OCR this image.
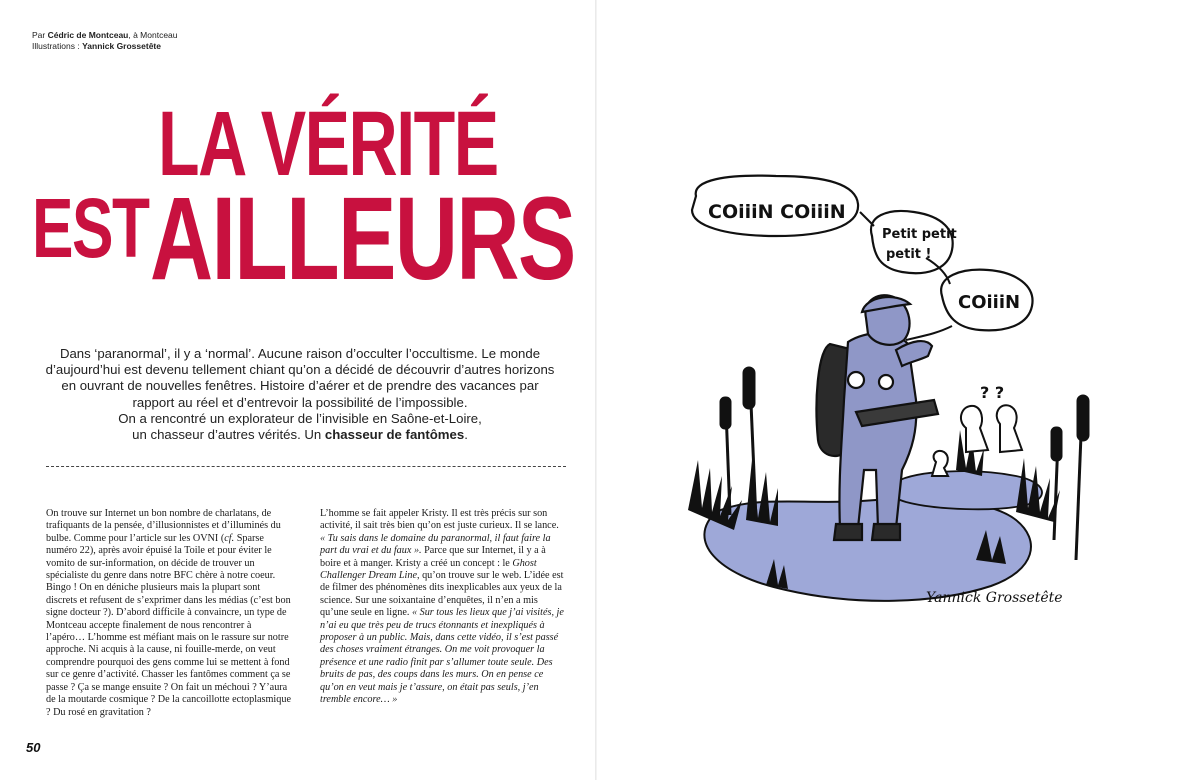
Par Cédric de Montceau, à Montceau
Illustrations : Yannick Grossetête
LA VÉRITÉ
EST AILLEURS
Dans ‘paranormal’, il y a ‘normal’. Aucune raison d’occulter l’occultisme. Le monde d’aujourd’hui est devenu tellement chiant qu’on a décidé de découvrir d’autres horizons en ouvrant de nouvelles fenêtres. Histoire d’aérer et de prendre des vacances par rapport au réel et d’entrevoir la possibilité de l’impossible.
On a rencontré un explorateur de l’invisible en Saône-et-Loire,
un chasseur d’autres vérités. Un chasseur de fantômes.
On trouve sur Internet un bon nombre de charlatans, de trafiquants de la pensée, d’illusionnistes et d’illuminés du bulbe. Comme pour l’article sur les OVNI (cf. Sparse numéro 22), après avoir épuisé la Toile et pour éviter le vomito de sur-information, on décide de trouver un spécialiste du genre dans notre BFC chère à notre coeur. Bingo ! On en déniche plusieurs mais la plupart sont discrets et refusent de s’exprimer dans les médias (c’est bon signe docteur ?). D’abord difficile à convaincre, un type de Montceau accepte finalement de nous rencontrer à l’apéro… L’homme est méfiant mais on le rassure sur notre approche. Ni acquis à la cause, ni fouille-merde, on veut comprendre pourquoi des gens comme lui se mettent à fond sur ce genre d’activité. Chasser les fantômes comment ça se passe ? Ça se mange ensuite ? On fait un méchoui ? Y’aura de la moutarde cosmique ? De la cancoillotte ectoplasmique ? Du rosé en gravitation ?
L’homme se fait appeler Kristy. Il est très précis sur son activité, il sait très bien qu’on est juste curieux. Il se lance. « Tu sais dans le domaine du paranormal, il faut faire la part du vrai et du faux ». Parce que sur Internet, il y a à boire et à manger. Kristy a créé un concept : le Ghost Challenger Dream Line, qu’on trouve sur le web. L’idée est de filmer des phénomènes dits inexplicables aux yeux de la science. Sur une soixantaine d’enquêtes, il n’en a mis qu’une seule en ligne. « Sur tous les lieux que j’ai visités, je n’ai eu que très peu de trucs étonnants et inexpliqués à proposer à un public. Mais, dans cette vidéo, il s’est passé des choses vraiment étranges. On me voit provoquer la présence et une radio finit par s’allumer toute seule. Des bruits de pas, des coups dans les murs. On en pense ce qu’on en veut mais je t’assure, on était pas seuls, j’en tremble encore… »
50
? ?
COiiiN COiiiN
Petit petit
petit !
COiiiN
Yannick Grossetête
